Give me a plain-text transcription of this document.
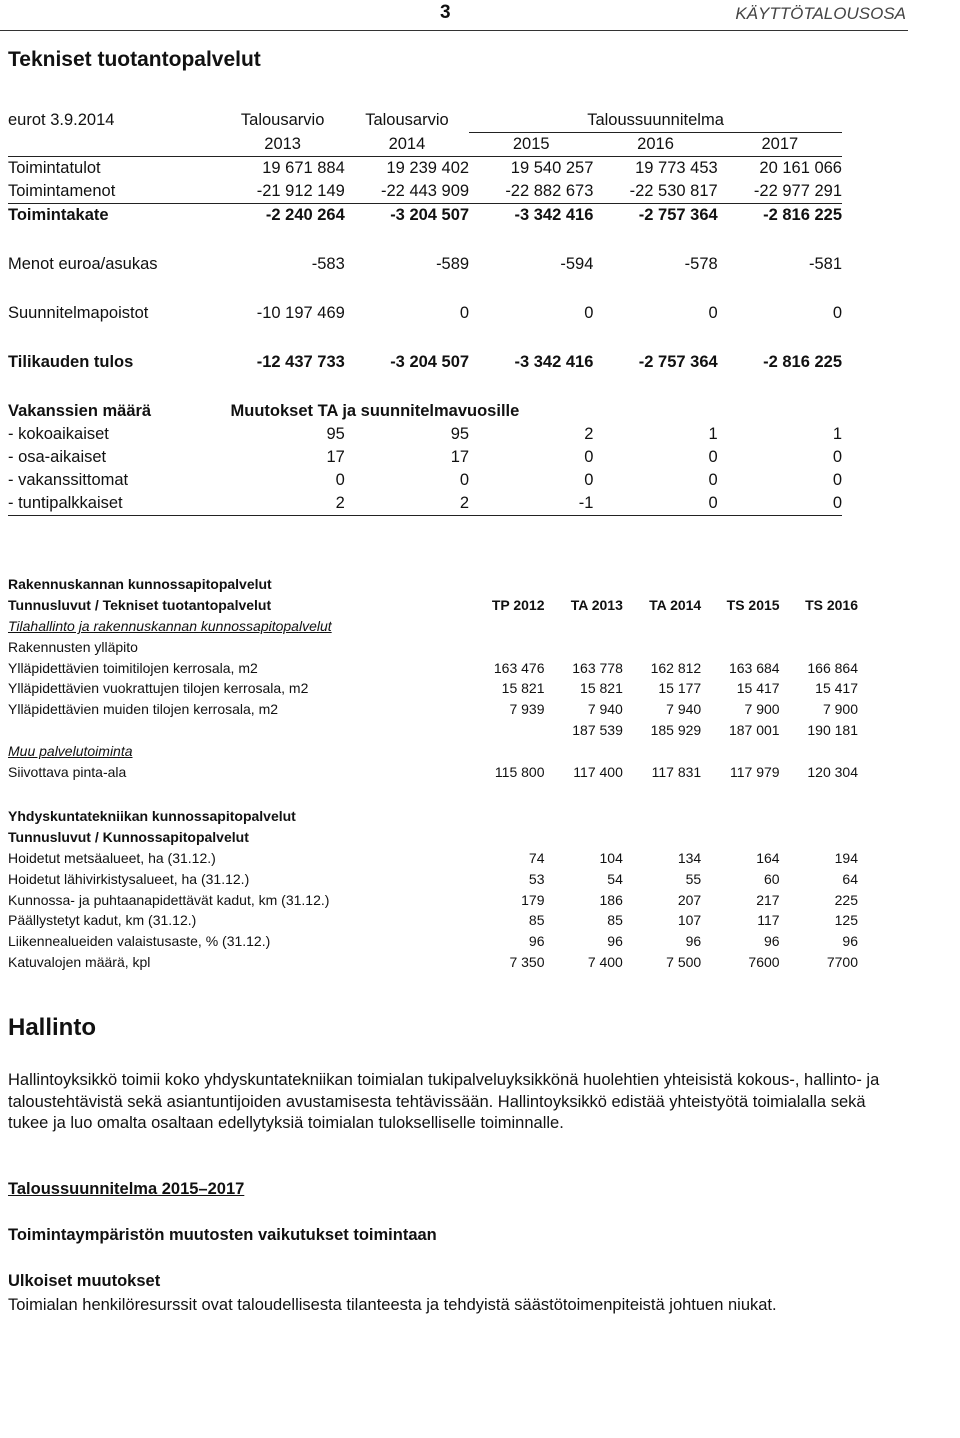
3	KÄYTTÖTALOUSOSA
Tekniset tuotantopalvelut
eurot 3.9.2014	Talousarvio	Talousarvio	Taloussuunnitelma		
	2013	2014	2015	2016	2017
Toimintatulot	19 671 884	19 239 402	19 540 257	19 773 453	20 161 066
Toimintamenot	-21 912 149	-22 443 909	-22 882 673	-22 530 817	-22 977 291
Toimintakate	-2 240 264	-3 204 507	-3 342 416	-2 757 364	-2 816 225

Menot euroa/asukas	-583	-589	-594	-578	-581

Suunnitelmapoistot	-10 197 469	0	0	0	0

Tilikauden tulos	-12 437 733	-3 204 507	-3 342 416	-2 757 364	-2 816 225

Vakanssien määrä	Muutokset TA ja suunnitelmavuosille				
- kokoaikaiset	95	95	2	1	1
- osa-aikaiset	17	17	0	0	0
- vakanssittomat	0	0	0	0	0
- tuntipalkkaiset	2	2	-1	0	0
Rakennuskannan kunnossapitopalvelut					
Tunnusluvut / Tekniset tuotantopalvelut	TP 2012	TA 2013	TA 2014	TS 2015	TS 2016
Tilahallinto ja rakennuskannan kunnossapitopalvelut					
Rakennusten ylläpito					
Ylläpidettävien toimitilojen kerrosala, m2	163 476	163 778	162 812	163 684	166 864
Ylläpidettävien vuokrattujen tilojen kerrosala, m2	15 821	15 821	15 177	15 417	15 417
Ylläpidettävien muiden tilojen kerrosala, m2	7 939	7 940	7 940	7 900	7 900
		187 539	185 929	187 001	190 181
Muu palvelutoiminta					
Siivottava pinta-ala	115 800	117 400	117 831	117 979	120 304
Yhdyskuntatekniikan kunnossapitopalvelut					
Tunnusluvut / Kunnossapitopalvelut					
Hoidetut metsäalueet, ha (31.12.)	74	104	134	164	194
Hoidetut lähivirkistysalueet, ha (31.12.)	53	54	55	60	64
Kunnossa- ja puhtaanapidettävät kadut, km (31.12.)	179	186	207	217	225
Päällystetyt kadut, km (31.12.)	85	85	107	117	125
Liikennealueiden valaistusaste, % (31.12.)	96	96	96	96	96
Katuvalojen määrä, kpl	7 350	7 400	7 500	7600	7700
Hallinto
Hallintoyksikkö toimii koko yhdyskuntatekniikan toimialan tukipalveluyksikkönä huolehtien yhteisistä kokous-, hallinto- ja taloustehtävistä sekä asiantuntijoiden avustamisesta tehtävissään. Hallintoyksikkö edistää yhteistyötä toimialalla sekä tukee ja luo omalta osaltaan edellytyksiä toimialan tulokselliselle toiminnalle.
Taloussuunnitelma 2015–2017
Toimintaympäristön muutosten vaikutukset toimintaan
Ulkoiset muutokset
Toimialan henkilöresurssit ovat taloudellisesta tilanteesta ja tehdyistä säästötoimenpiteistä johtuen niukat.
